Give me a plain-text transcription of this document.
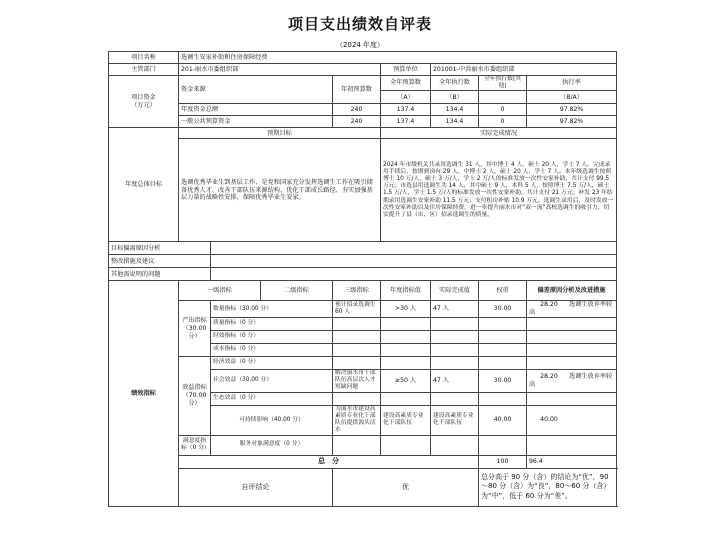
项目支出绩效自评表
（2024 年度）
项目名称	选调生安家补助和住房保障经费							
主管部门	201-丽水市委组织部				预算单位	201001-中共丽水市委组织部		
项目资金
（万元）	资金来源			年初预算数	全年预算数	全年执行数	全年执行数(其他)	执行率
					（A）	（B）		（B/A）
	年度资金总额			240	137.4	134.4	0	97.82%
	一般公共预算资金			240	137.4	134.4	0	97.82%
年度总体目标	预期目标				实际完成情况			
	选调优秀毕业生到基层工作，是党和国家充分发挥选调生工作在吸引储备优秀人才、改善干部队伍来源结构、优化干部成长路径、夯实加强基层力量的战略性安排，保障优秀毕业生安家。				2024 年市级机关共录用选调生 31 人，其中博士 4 人，硕士 20 人，学士 7 人。完成录用手续后，按期到岗有 29 人，中博士 2 人，硕士 20 人，学士 7 人。本年级选调生按照博士 10 万/人，硕士 3 万/人，学士 2 万/人的标准发放一次性安家补助，共计支付 99.5 万元；市选县用选调生共 14 人，其中硕士 9 人，本科 5 人，按照博士 7.5 万/人，硕士 1.5 万/人，学士 1.5 万/人的标准发放一次性安家补助，共计支付 21 万元；补发 23 年结期录用选调生安家补助 11.5 万元；支付租房补贴 10.9 万元。选调生录用后，及时发放一次性安家补助以及住房保障经费，进一步提升丽水市对“双一流”高校选调生的吸引力，切实提升了县（市、区）招录选调生的质量。			
目标偏离原因分析								
整改措施及建议								
其他需说明的问题								
绩效指标	一级指标		二级指标	三级指标	年度指标值	实际完成值	权重	偏差原因分析及改进措施
	产出指标
（30.00 分）	数量指标（30.00 分）		预计招录选调生 60 人	>30 人	47 人	30.00	28.20 选调生放弃率较高
		质量指标（0 分）						
		时效指标（0 分）						
		成本指标（0 分）						
	效益指标
（70.00 分）	经济效益（0 分）						
		社会效益（30.00 分）		解决丽水市干部队伍高层次人才短缺问题	≥50 人	47 人	30.00	28.20 选调生放弃率较高
		生态效益（0 分）						
		可持续影响（40.00 分）		为丽水市建设高素质专业化干部队伍提供源头活水	建设高素质专业化干部队伍	建设高素质专业化干部队伍	40.00	40.00
	满意度指标（0 分）	服务对象满意度（0 分）						
	总　分						100	96.4
	自评结论			优			总分高于 90 分（含）的结论为“优”，90～80 分（含）为“良”，80～60 分（含）为“中”，低于 60 分为“差”。	
